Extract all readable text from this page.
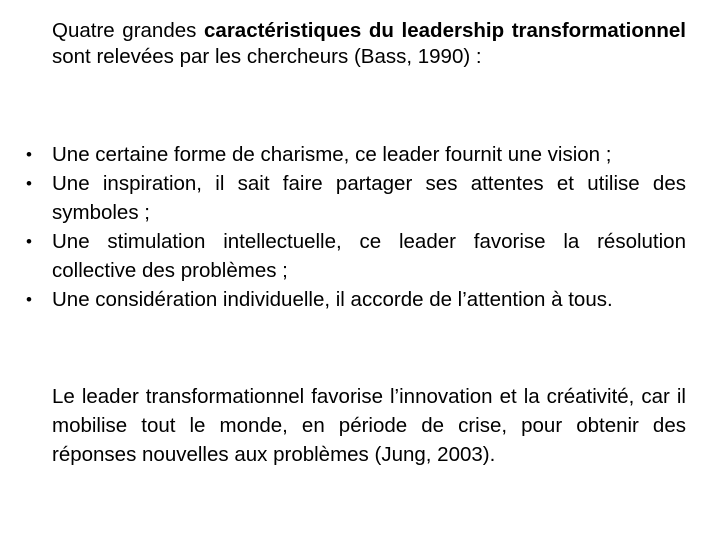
Quatre grandes caractéristiques du leadership transformationnel sont relevées par les chercheurs (Bass, 1990) :

• Une certaine forme de charisme, ce leader fournit une vision ;
• Une inspiration, il sait faire partager ses attentes et utilise des symboles ;
• Une stimulation intellectuelle, ce leader favorise la résolution collective des problèmes ;
• Une considération individuelle, il accorde de l’attention à tous.

Le leader transformationnel favorise l’innovation et la créativité, car il mobilise tout le monde, en période de crise, pour obtenir des réponses nouvelles aux problèmes (Jung, 2003).
